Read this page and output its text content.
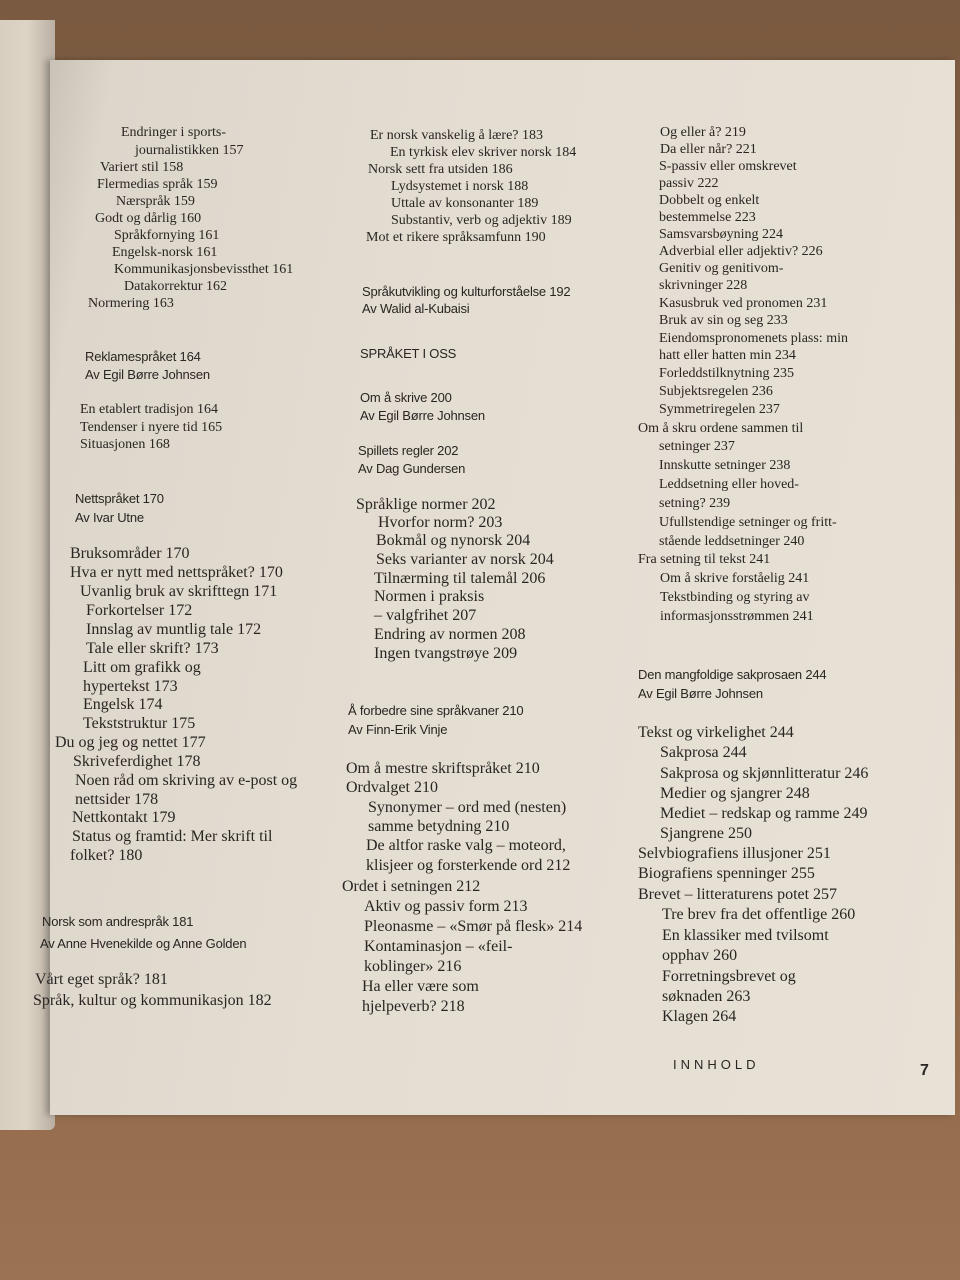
Endringer i sports-
journalistikken 157
Variert stil 158
Flermedias språk 159
Nærspråk 159
Godt og dårlig 160
Språkfornying 161
Engelsk-norsk 161
Kommunikasjonsbevissthet 161
Datakorrektur 162
Normering 163
Reklamespråket 164
Av Egil Børre Johnsen
En etablert tradisjon 164
Tendenser i nyere tid 165
Situasjonen 168
Nettspråket 170
Av Ivar Utne
Bruksområder 170
Hva er nytt med nettspråket? 170
Uvanlig bruk av skrifttegn 171
Forkortelser 172
Innslag av muntlig tale 172
Tale eller skrift? 173
Litt om grafikk og
hypertekst 173
Engelsk 174
Tekststruktur 175
Du og jeg og nettet 177
Skriveferdighet 178
Noen råd om skriving av e-post og
nettsider 178
Nettkontakt 179
Status og framtid: Mer skrift til
folket? 180
Norsk som andrespråk 181
Av Anne Hvenekilde og Anne Golden
Vårt eget språk? 181
Språk, kultur og kommunikasjon 182
Er norsk vanskelig å lære? 183
En tyrkisk elev skriver norsk 184
Norsk sett fra utsiden 186
Lydsystemet i norsk 188
Uttale av konsonanter 189
Substantiv, verb og adjektiv 189
Mot et rikere språksamfunn 190
Språkutvikling og kulturforståelse 192
Av Walid al-Kubaisi
SPRÅKET I OSS
Om å skrive 200
Av Egil Børre Johnsen
Spillets regler 202
Av Dag Gundersen
Språklige normer 202
Hvorfor norm? 203
Bokmål og nynorsk 204
Seks varianter av norsk 204
Tilnærming til talemål 206
Normen i praksis
– valgfrihet 207
Endring av normen 208
Ingen tvangstrøye 209
Å forbedre sine språkvaner 210
Av Finn-Erik Vinje
Om å mestre skriftspråket 210
Ordvalget 210
Synonymer – ord med (nesten)
samme betydning 210
De altfor raske valg – moteord,
klisjeer og forsterkende ord 212
Ordet i setningen 212
Aktiv og passiv form 213
Pleonasme – «Smør på flesk» 214
Kontaminasjon – «feil-
koblinger» 216
Ha eller være som
hjelpeverb? 218
Og eller å? 219
Da eller når? 221
S-passiv eller omskrevet
passiv 222
Dobbelt og enkelt
bestemmelse 223
Samsvarsbøyning 224
Adverbial eller adjektiv? 226
Genitiv og genitivom-
skrivninger 228
Kasusbruk ved pronomen 231
Bruk av sin og seg 233
Eiendomspronomenets plass: min
hatt eller hatten min 234
Forleddstilknytning 235
Subjektsregelen 236
Symmetriregelen 237
Om å skru ordene sammen til
setninger 237
Innskutte setninger 238
Leddsetning eller hoved-
setning? 239
Ufullstendige setninger og fritt-
stående leddsetninger 240
Fra setning til tekst 241
Om å skrive forståelig 241
Tekstbinding og styring av
informasjonsstrømmen 241
Den mangfoldige sakprosaen 244
Av Egil Børre Johnsen
Tekst og virkelighet 244
Sakprosa 244
Sakprosa og skjønnlitteratur 246
Medier og sjangrer 248
Mediet – redskap og ramme 249
Sjangrene 250
Selvbiografiens illusjoner 251
Biografiens spenninger 255
Brevet – litteraturens potet 257
Tre brev fra det offentlige 260
En klassiker med tvilsomt
opphav 260
Forretningsbrevet og
søknaden 263
Klagen 264
INNHOLD	7
